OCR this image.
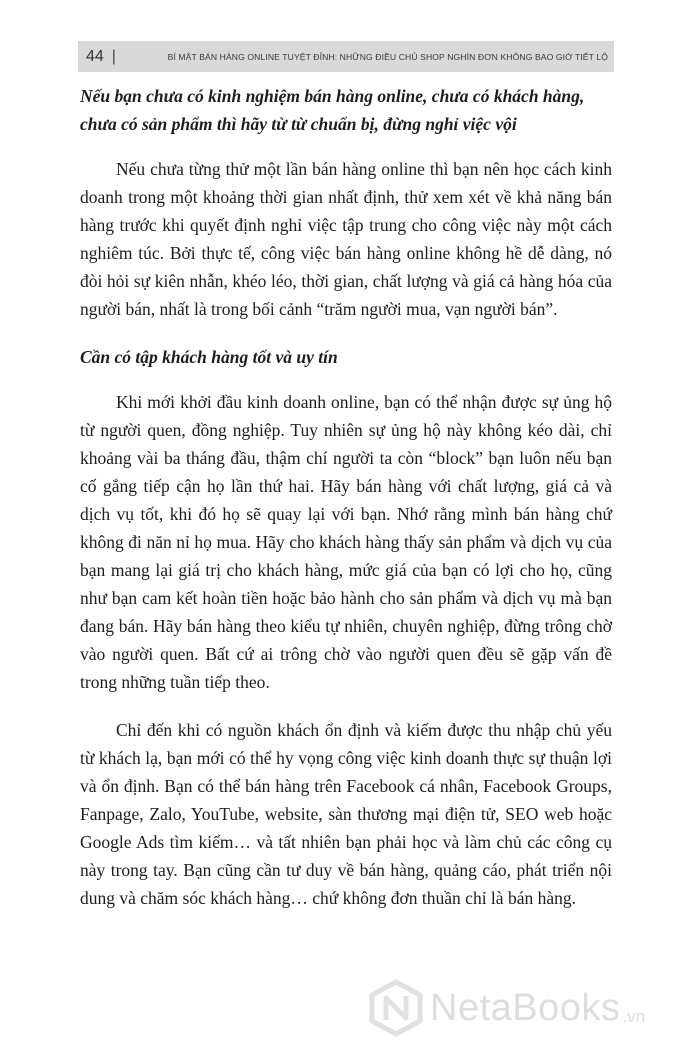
44 |	BÍ MẬT BÁN HÀNG ONLINE TUYỆT ĐỈNH: NHỮNG ĐIỀU CHỦ SHOP NGHÌN ĐƠN KHÔNG BAO GIỜ TIẾT LỘ

Nếu bạn chưa có kinh nghiệm bán hàng online, chưa có khách hàng, chưa có sản phẩm thì hãy từ từ chuẩn bị, đừng nghỉ việc vội

Nếu chưa từng thử một lần bán hàng online thì bạn nên học cách kinh doanh trong một khoảng thời gian nhất định, thử xem xét về khả năng bán hàng trước khi quyết định nghỉ việc tập trung cho công việc này một cách nghiêm túc. Bởi thực tế, công việc bán hàng online không hề dễ dàng, nó đòi hỏi sự kiên nhẫn, khéo léo, thời gian, chất lượng và giá cả hàng hóa của người bán, nhất là trong bối cảnh “trăm người mua, vạn người bán”.

Cần có tập khách hàng tốt và uy tín

Khi mới khởi đầu kinh doanh online, bạn có thể nhận được sự ủng hộ từ người quen, đồng nghiệp. Tuy nhiên sự ủng hộ này không kéo dài, chỉ khoảng vài ba tháng đầu, thậm chí người ta còn “block” bạn luôn nếu bạn cố gắng tiếp cận họ lần thứ hai. Hãy bán hàng với chất lượng, giá cả và dịch vụ tốt, khi đó họ sẽ quay lại với bạn. Nhớ rằng mình bán hàng chứ không đi năn nỉ họ mua. Hãy cho khách hàng thấy sản phẩm và dịch vụ của bạn mang lại giá trị cho khách hàng, mức giá của bạn có lợi cho họ, cũng như bạn cam kết hoàn tiền hoặc bảo hành cho sản phẩm và dịch vụ mà bạn đang bán. Hãy bán hàng theo kiểu tự nhiên, chuyên nghiệp, đừng trông chờ vào người quen. Bất cứ ai trông chờ vào người quen đều sẽ gặp vấn đề trong những tuần tiếp theo.

Chỉ đến khi có nguồn khách ổn định và kiếm được thu nhập chủ yếu từ khách lạ, bạn mới có thể hy vọng công việc kinh doanh thực sự thuận lợi và ổn định. Bạn có thể bán hàng trên Facebook cá nhân, Facebook Groups, Fanpage, Zalo, YouTube, website, sàn thương mại điện tử, SEO web hoặc Google Ads tìm kiếm… và tất nhiên bạn phải học và làm chủ các công cụ này trong tay. Bạn cũng cần tư duy về bán hàng, quảng cáo, phát triển nội dung và chăm sóc khách hàng… chứ không đơn thuần chỉ là bán hàng.

NetaBooks .vn
